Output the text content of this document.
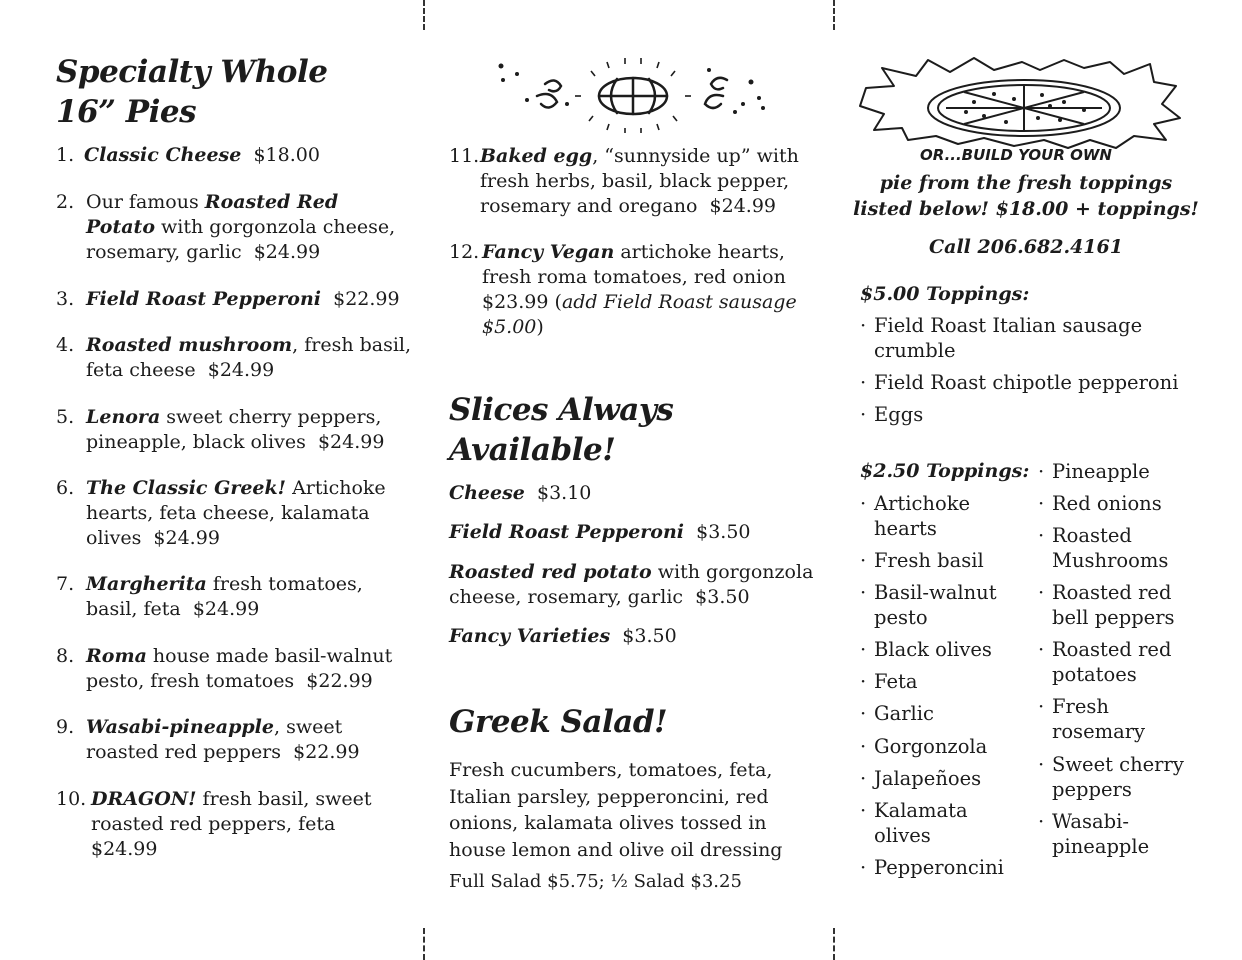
Specialty Whole
16” Pies
1. Classic Cheese $18.00
2. Our famous Roasted Red
Potato with gorgonzola cheese,
rosemary, garlic $24.99
3. Field Roast Pepperoni $22.99
4. Roasted mushroom, fresh basil,
feta cheese $24.99
5. Lenora sweet cherry peppers,
pineapple, black olives $24.99
6. The Classic Greek! Artichoke
hearts, feta cheese, kalamata
olives $24.99
7. Margherita fresh tomatoes,
basil, feta $24.99
8. Roma house made basil-walnut
pesto, fresh tomatoes $22.99
9. Wasabi-pineapple, sweet
roasted red peppers $22.99
10. DRAGON! fresh basil, sweet
roasted red peppers, feta
$24.99
11. Baked egg, “sunnyside up” with
fresh herbs, basil, black pepper,
rosemary and oregano $24.99
12. Fancy Vegan artichoke hearts,
fresh roma tomatoes, red onion
$23.99 (add Field Roast sausage
$5.00)
Slices Always
Available!
Cheese $3.10
Field Roast Pepperoni $3.50
Roasted red potato with gorgonzola
cheese, rosemary, garlic $3.50
Fancy Varieties $3.50
Greek Salad!
Fresh cucumbers, tomatoes, feta,
Italian parsley, pepperoncini, red
onions, kalamata olives tossed in
house lemon and olive oil dressing
Full Salad $5.75; ½ Salad $3.25
OR...BUILD YOUR OWN
pie from the fresh toppings
listed below! $18.00 + toppings!
Call 206.682.4161
$5.00 Toppings:
· Field Roast Italian sausage
crumble
· Field Roast chipotle pepperoni
· Eggs
$2.50 Toppings:
· Artichoke
hearts
· Fresh basil
· Basil-walnut
pesto
· Black olives
· Feta
· Garlic
· Gorgonzola
· Jalapeñoes
· Kalamata
olives
· Pepperoncini
· Pineapple
· Red onions
· Roasted
Mushrooms
· Roasted red
bell peppers
· Roasted red
potatoes
· Fresh
rosemary
· Sweet cherry
peppers
· Wasabi-
pineapple
